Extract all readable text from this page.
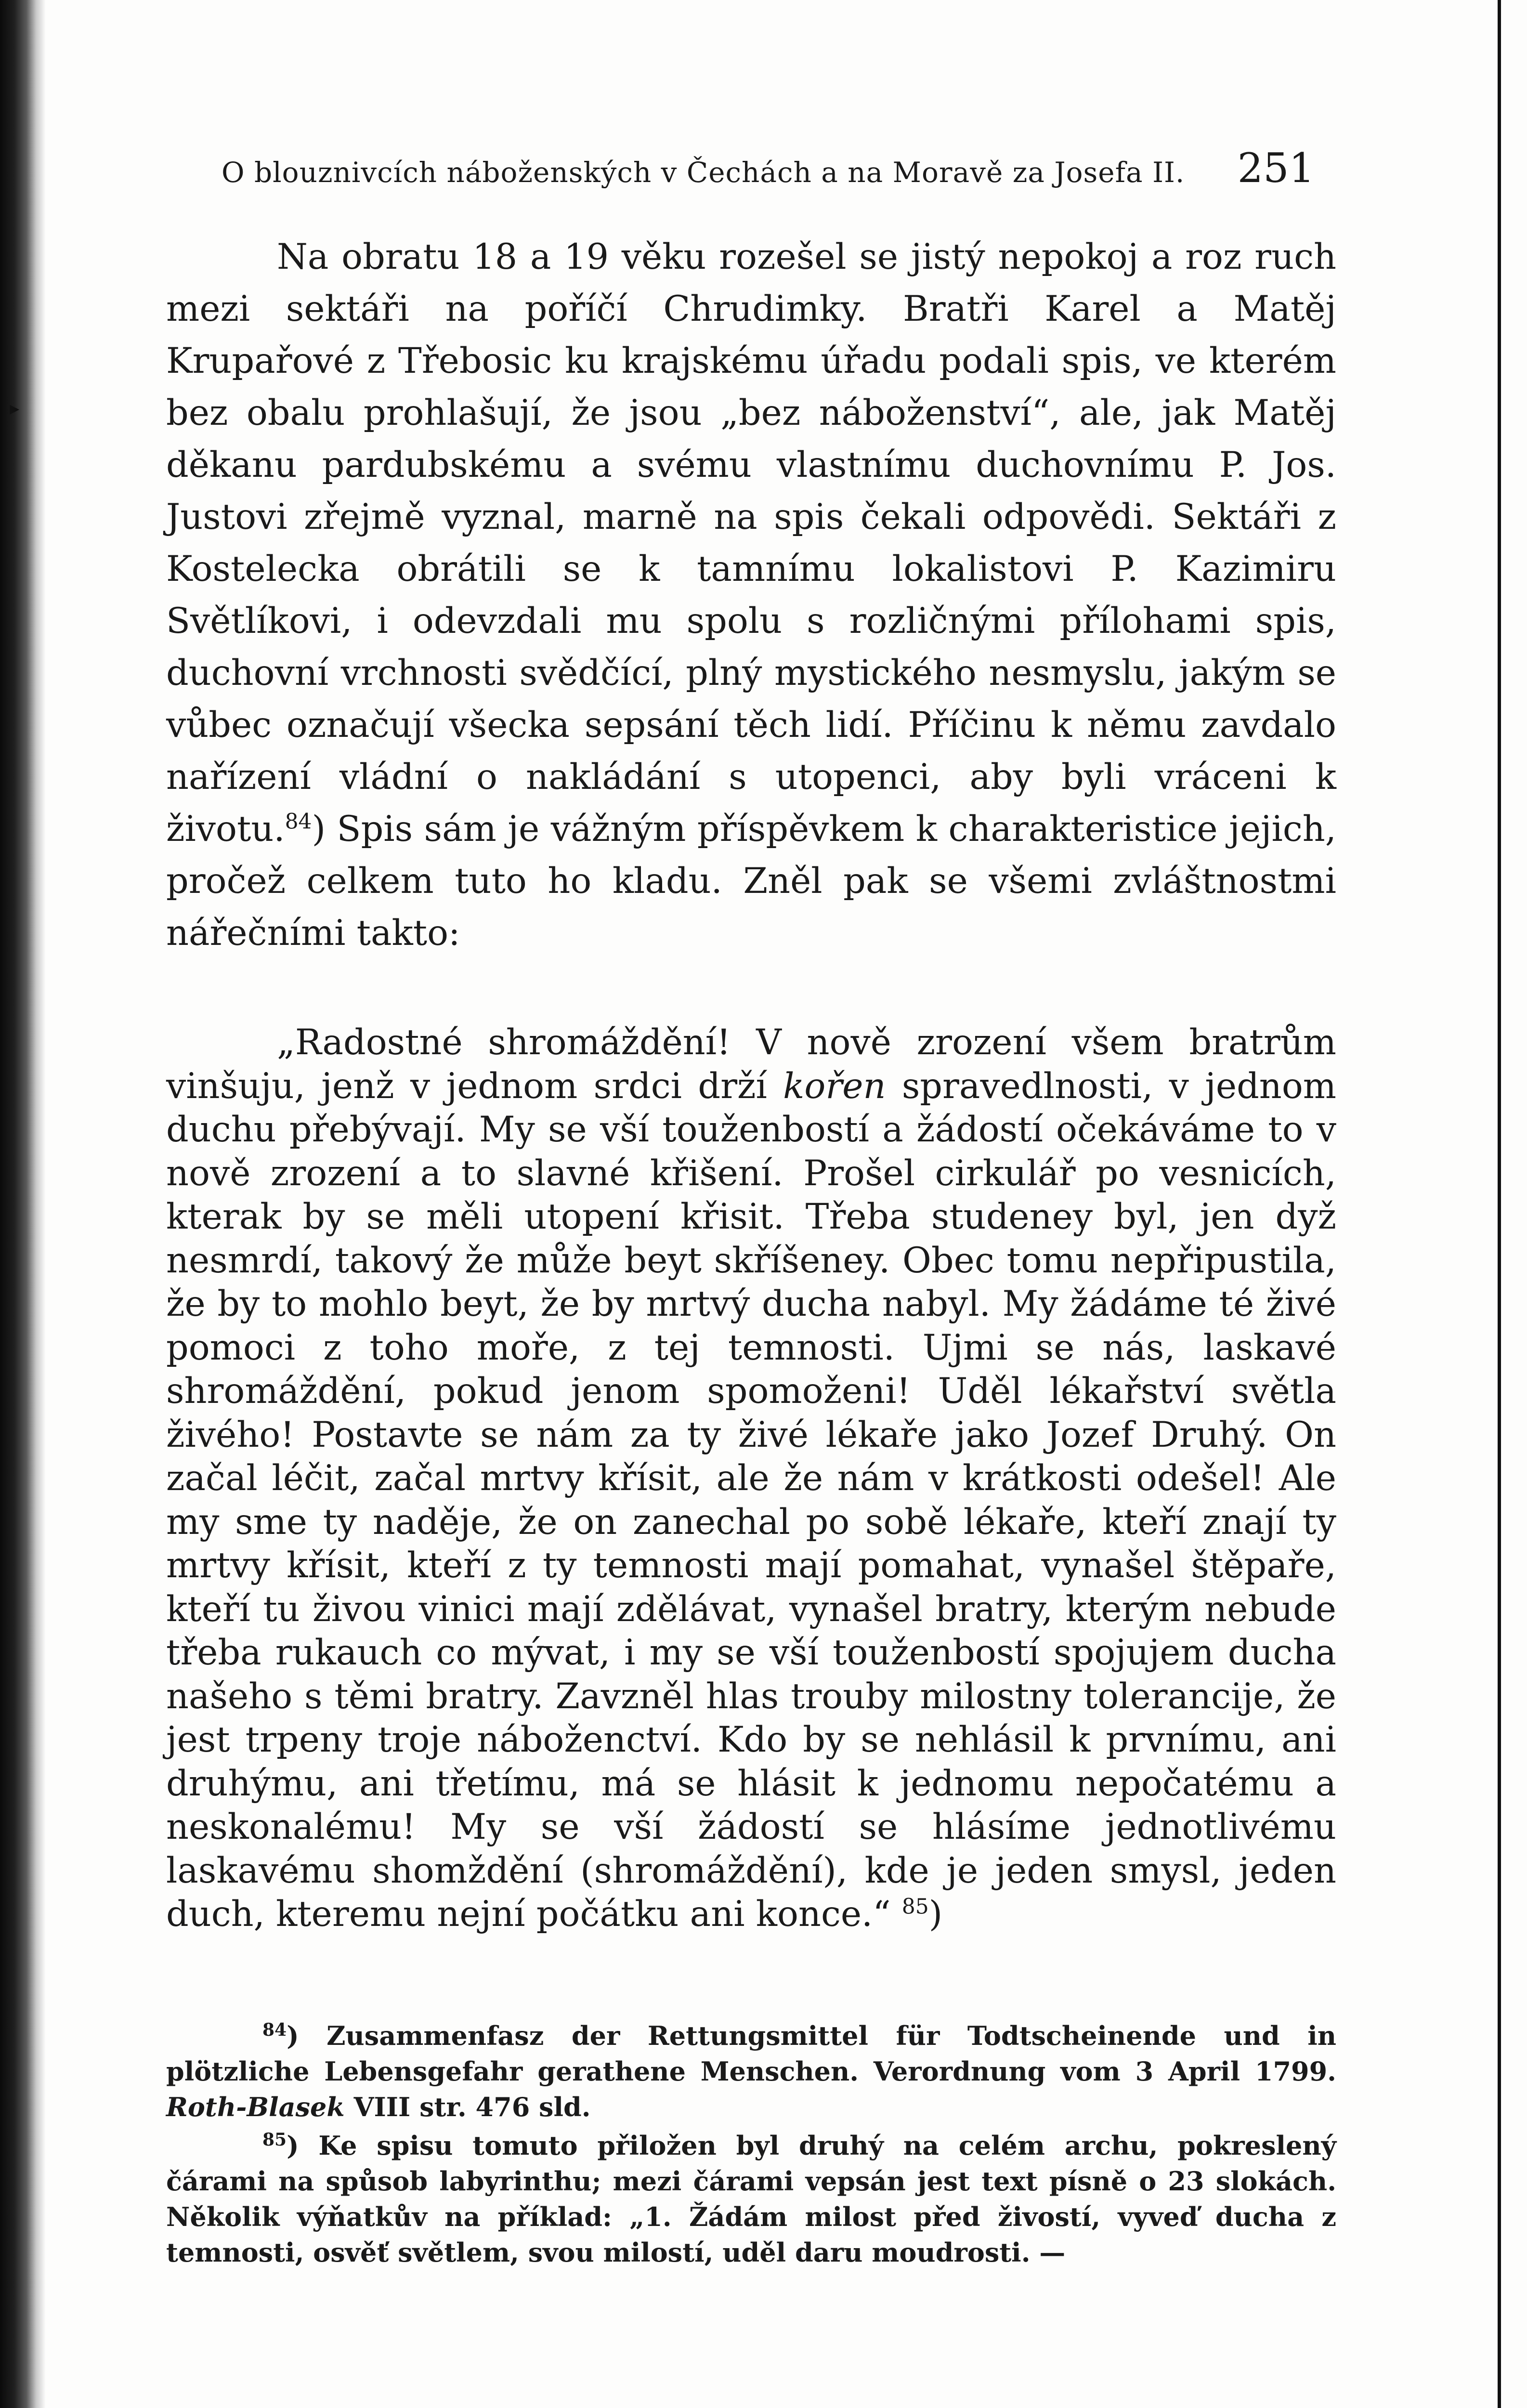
▸
O blouznivcích náboženských v Čechách a na Moravě za Josefa II. 251

Na obratu 18 a 19 věku rozešel se jistý nepokoj a roz ruch mezi sektáři na poříčí Chrudimky. Bratři Karel a Matěj Krupařové z Třebosic ku krajskému úřadu podali spis, ve kterém bez obalu prohlašují, že jsou „bez náboženství“, ale, jak Matěj děkanu pardubskému a svému vlastnímu duchovnímu P. Jos. Justovi zřejmě vyznal, marně na spis čekali odpovědi. Sektáři z Kostelecka obrátili se k tamnímu lokalistovi P. Kazimiru Světlíkovi, i odevzdali mu spolu s rozličnými přílohami spis, duchovní vrchnosti svědčící, plný mystického nesmyslu, jakým se vůbec označují všecka sepsání těch lidí. Příčinu k němu zavdalo nařízení vládní o nakládání s utopenci, aby byli vráceni k životu.$^{84}$) Spis sám je vážným příspěvkem k charakteristice jejich, pročež celkem tuto ho kladu. Zněl pak se všemi zvláštnostmi nářečními takto:

„Radostné shromáždění! V nově zrození všem bratrům vinšuju, jenž v jednom srdci drží kořen spravedlnosti, v jednom duchu přebývají. My se vší touženbostí a žádostí očekáváme to v nově zrození a to slavné křišení. Prošel cirkulář po vesnicích, kterak by se měli utopení křisit. Třeba studeney byl, jen dyž nesmrdí, takový že může beyt skříšeney. Obec tomu nepřipustila, že by to mohlo beyt, že by mrtvý ducha nabyl. My žádáme té živé pomoci z toho moře, z tej temnosti. Ujmi se nás, laskavé shromáždění, pokud jenom spomoženi! Uděl lékařství světla živého! Postavte se nám za ty živé lékaře jako Jozef Druhý. On začal léčit, začal mrtvy křísit, ale že nám v krátkosti odešel! Ale my sme ty naděje, že on zanechal po sobě lékaře, kteří znají ty mrtvy křísit, kteří z ty temnosti mají pomahat, vynašel štěpaře, kteří tu živou vinici mají zdělávat, vynašel bratry, kterým nebude třeba rukauch co mývat, i my se vší touženbostí spojujem ducha našeho s těmi bratry. Zavzněl hlas trouby milostny tolerancije, že jest trpeny troje náboženctví. Kdo by se nehlásil k prvnímu, ani druhýmu, ani třetímu, má se hlásit k jednomu nepočatému a neskonalému! My se vší žádostí se hlásíme jednotlivému laskavému shomždění (shromáždění), kde je jeden smysl, jeden duch, kteremu nejní počátku ani konce.“ $^{85}$)

$^{84}$) Zusammenfasz der Rettungsmittel für Todtscheinende und in plötzliche Lebensgefahr gerathene Menschen. Verordnung vom 3 April 1799. Roth-Blasek VIII str. 476 sld.

$^{85}$) Ke spisu tomuto přiložen byl druhý na celém archu, pokreslený čárami na spůsob labyrinthu; mezi čárami vepsán jest text písně o 23 slokách. Několik výňatkův na příklad: „1. Žádám milost před živostí, vyveď ducha z temnosti, osvěť světlem, svou milostí, uděl daru moudrosti. —
